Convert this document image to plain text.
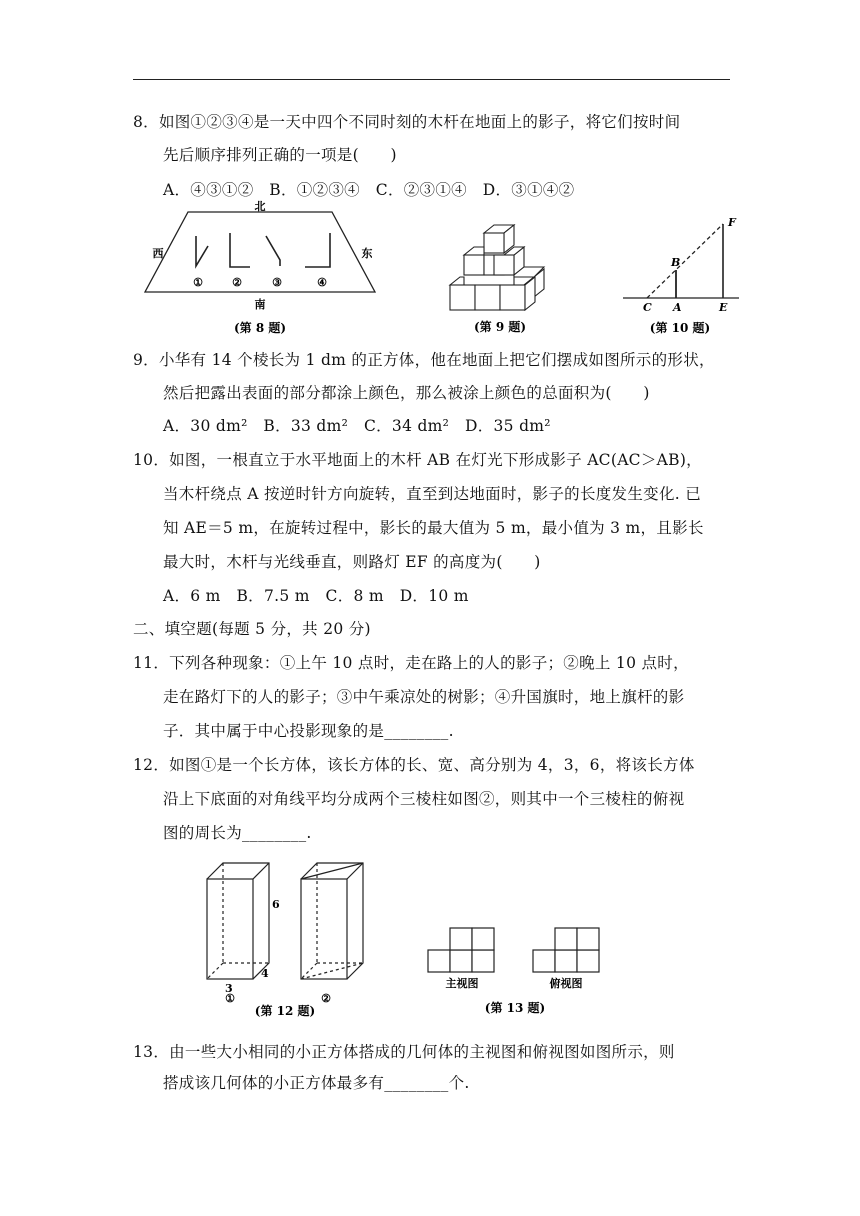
8．如图①②③④是一天中四个不同时刻的木杆在地面上的影子，将它们按时间
先后顺序排列正确的一项是(　　)
A．④③①②　B．①②③④　C．②③①④　D．③①④②
北
南
西	东
①	②	③	④
(第 8 题)	(第 9 题)
F
B
C A	E
(第 10 题)
9．小华有 14 个棱长为 1 dm 的正方体，他在地面上把它们摆成如图所示的形状，
然后把露出表面的部分都涂上颜色，那么被涂上颜色的总面积为(　　)
A．30 dm²　B．33 dm²　C．34 dm²　D．35 dm²
10．如图，一根直立于水平地面上的木杆 AB 在灯光下形成影子 AC(AC＞AB)，
当木杆绕点 A 按逆时针方向旋转，直至到达地面时，影子的长度发生变化. 已
知 AE＝5 m，在旋转过程中，影长的最大值为 5 m，最小值为 3 m，且影长
最大时，木杆与光线垂直，则路灯 EF 的高度为(　　)
A．6 m　B．7.5 m　C．8 m　D．10 m
二、填空题(每题 5 分，共 20 分)
11．下列各种现象：①上午 10 点时，走在路上的人的影子；②晚上 10 点时，
走在路灯下的人的影子；③中午乘凉处的树影；④升国旗时，地上旗杆的影
子．其中属于中心投影现象的是________.
12．如图①是一个长方体，该长方体的长、宽、高分别为 4，3，6，将该长方体
沿上下底面的对角线平均分成两个三棱柱如图②，则其中一个三棱柱的俯视
图的周长为________.
6
4
3
①	②
(第 12 题)
主视图	俯视图
(第 13 题)
13．由一些大小相同的小正方体搭成的几何体的主视图和俯视图如图所示，则
搭成该几何体的小正方体最多有________个.
